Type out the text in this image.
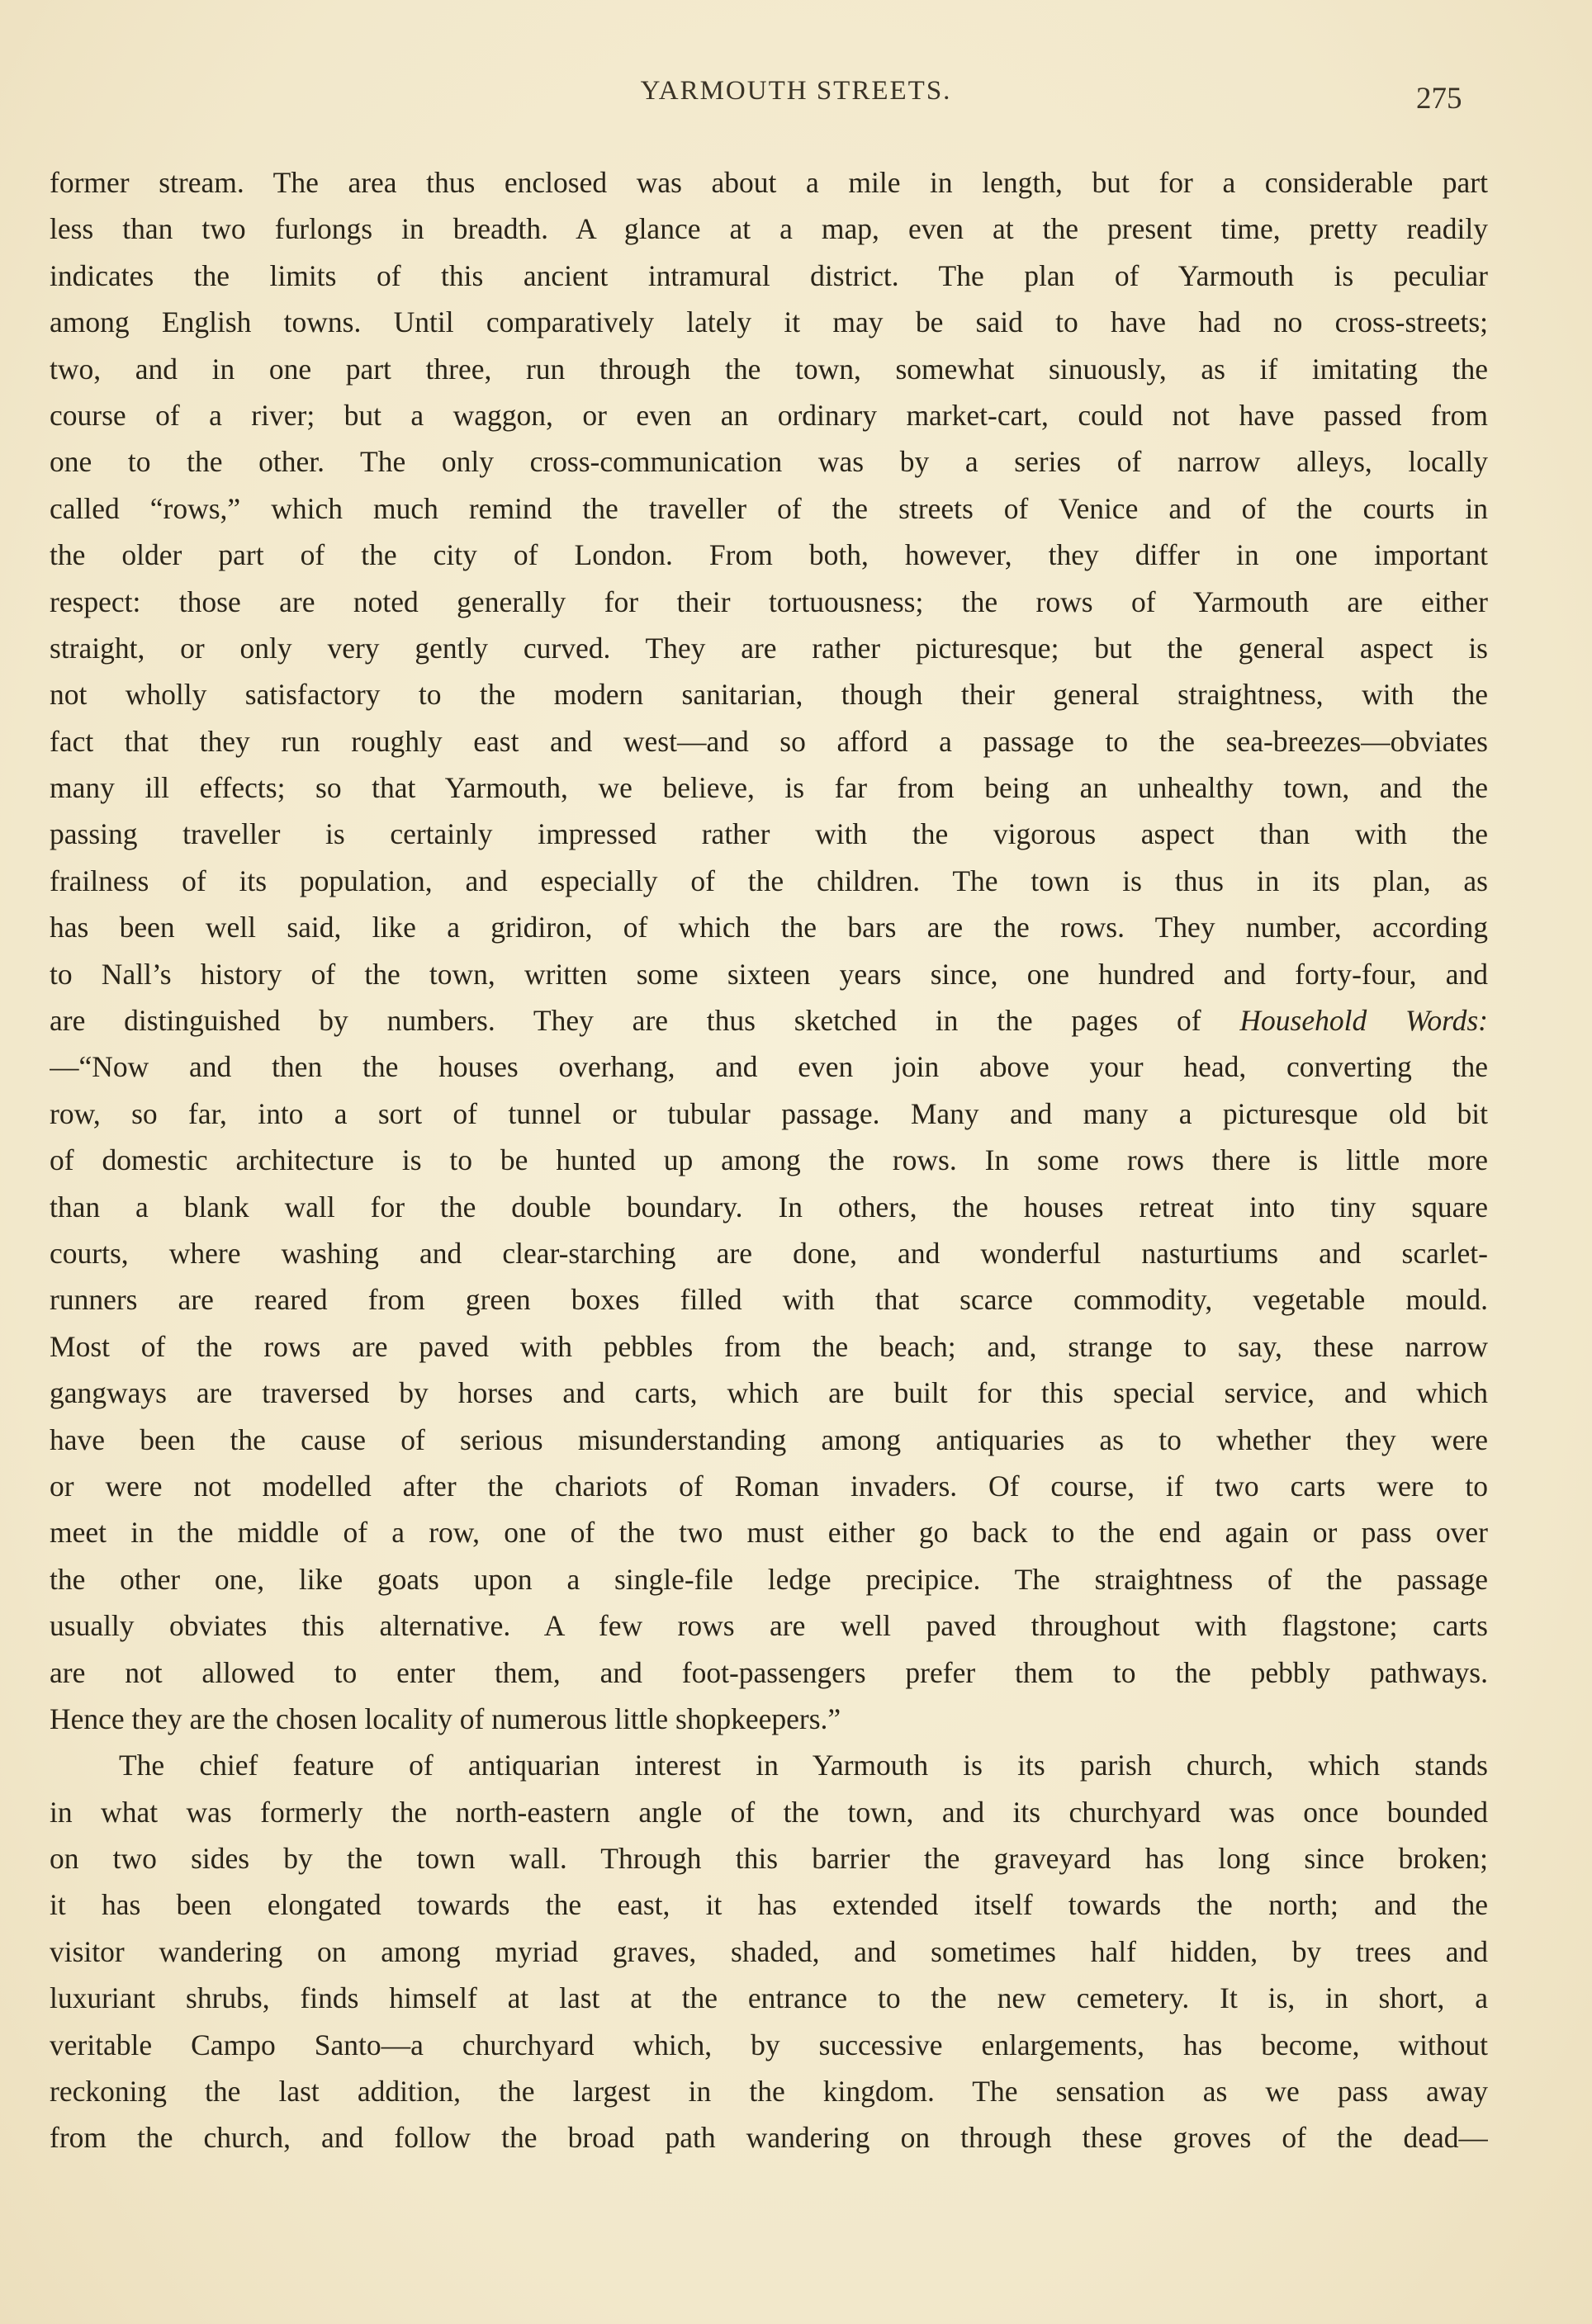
YARMOUTH STREETS.	275
former stream. The area thus enclosed was about a mile in length, but for a considerable part
less than two furlongs in breadth. A glance at a map, even at the present time, pretty readily
indicates the limits of this ancient intramural district. The plan of Yarmouth is peculiar
among English towns. Until comparatively lately it may be said to have had no cross-streets;
two, and in one part three, run through the town, somewhat sinuously, as if imitating the
course of a river; but a waggon, or even an ordinary market-cart, could not have passed from
one to the other. The only cross-communication was by a series of narrow alleys, locally
called “rows,” which much remind the traveller of the streets of Venice and of the courts in
the older part of the city of London. From both, however, they differ in one important
respect: those are noted generally for their tortuousness; the rows of Yarmouth are either
straight, or only very gently curved. They are rather picturesque; but the general aspect is
not wholly satisfactory to the modern sanitarian, though their general straightness, with the
fact that they run roughly east and west—and so afford a passage to the sea-breezes—obviates
many ill effects; so that Yarmouth, we believe, is far from being an unhealthy town, and the
passing traveller is certainly impressed rather with the vigorous aspect than with the
frailness of its population, and especially of the children. The town is thus in its plan, as
has been well said, like a gridiron, of which the bars are the rows. They number, according
to Nall’s history of the town, written some sixteen years since, one hundred and forty-four, and
are distinguished by numbers. They are thus sketched in the pages of Household Words:
—“Now and then the houses overhang, and even join above your head, converting the
row, so far, into a sort of tunnel or tubular passage. Many and many a picturesque old bit
of domestic architecture is to be hunted up among the rows. In some rows there is little more
than a blank wall for the double boundary. In others, the houses retreat into tiny square
courts, where washing and clear-starching are done, and wonderful nasturtiums and scarlet-
runners are reared from green boxes filled with that scarce commodity, vegetable mould.
Most of the rows are paved with pebbles from the beach; and, strange to say, these narrow
gangways are traversed by horses and carts, which are built for this special service, and which
have been the cause of serious misunderstanding among antiquaries as to whether they were
or were not modelled after the chariots of Roman invaders. Of course, if two carts were to
meet in the middle of a row, one of the two must either go back to the end again or pass over
the other one, like goats upon a single-file ledge precipice. The straightness of the passage
usually obviates this alternative. A few rows are well paved throughout with flagstone; carts
are not allowed to enter them, and foot-passengers prefer them to the pebbly pathways.
Hence they are the chosen locality of numerous little shopkeepers.”
The chief feature of antiquarian interest in Yarmouth is its parish church, which stands
in what was formerly the north-eastern angle of the town, and its churchyard was once bounded
on two sides by the town wall. Through this barrier the graveyard has long since broken;
it has been elongated towards the east, it has extended itself towards the north; and the
visitor wandering on among myriad graves, shaded, and sometimes half hidden, by trees and
luxuriant shrubs, finds himself at last at the entrance to the new cemetery. It is, in short, a
veritable Campo Santo—a churchyard which, by successive enlargements, has become, without
reckoning the last addition, the largest in the kingdom. The sensation as we pass away
from the church, and follow the broad path wandering on through these groves of the dead—
